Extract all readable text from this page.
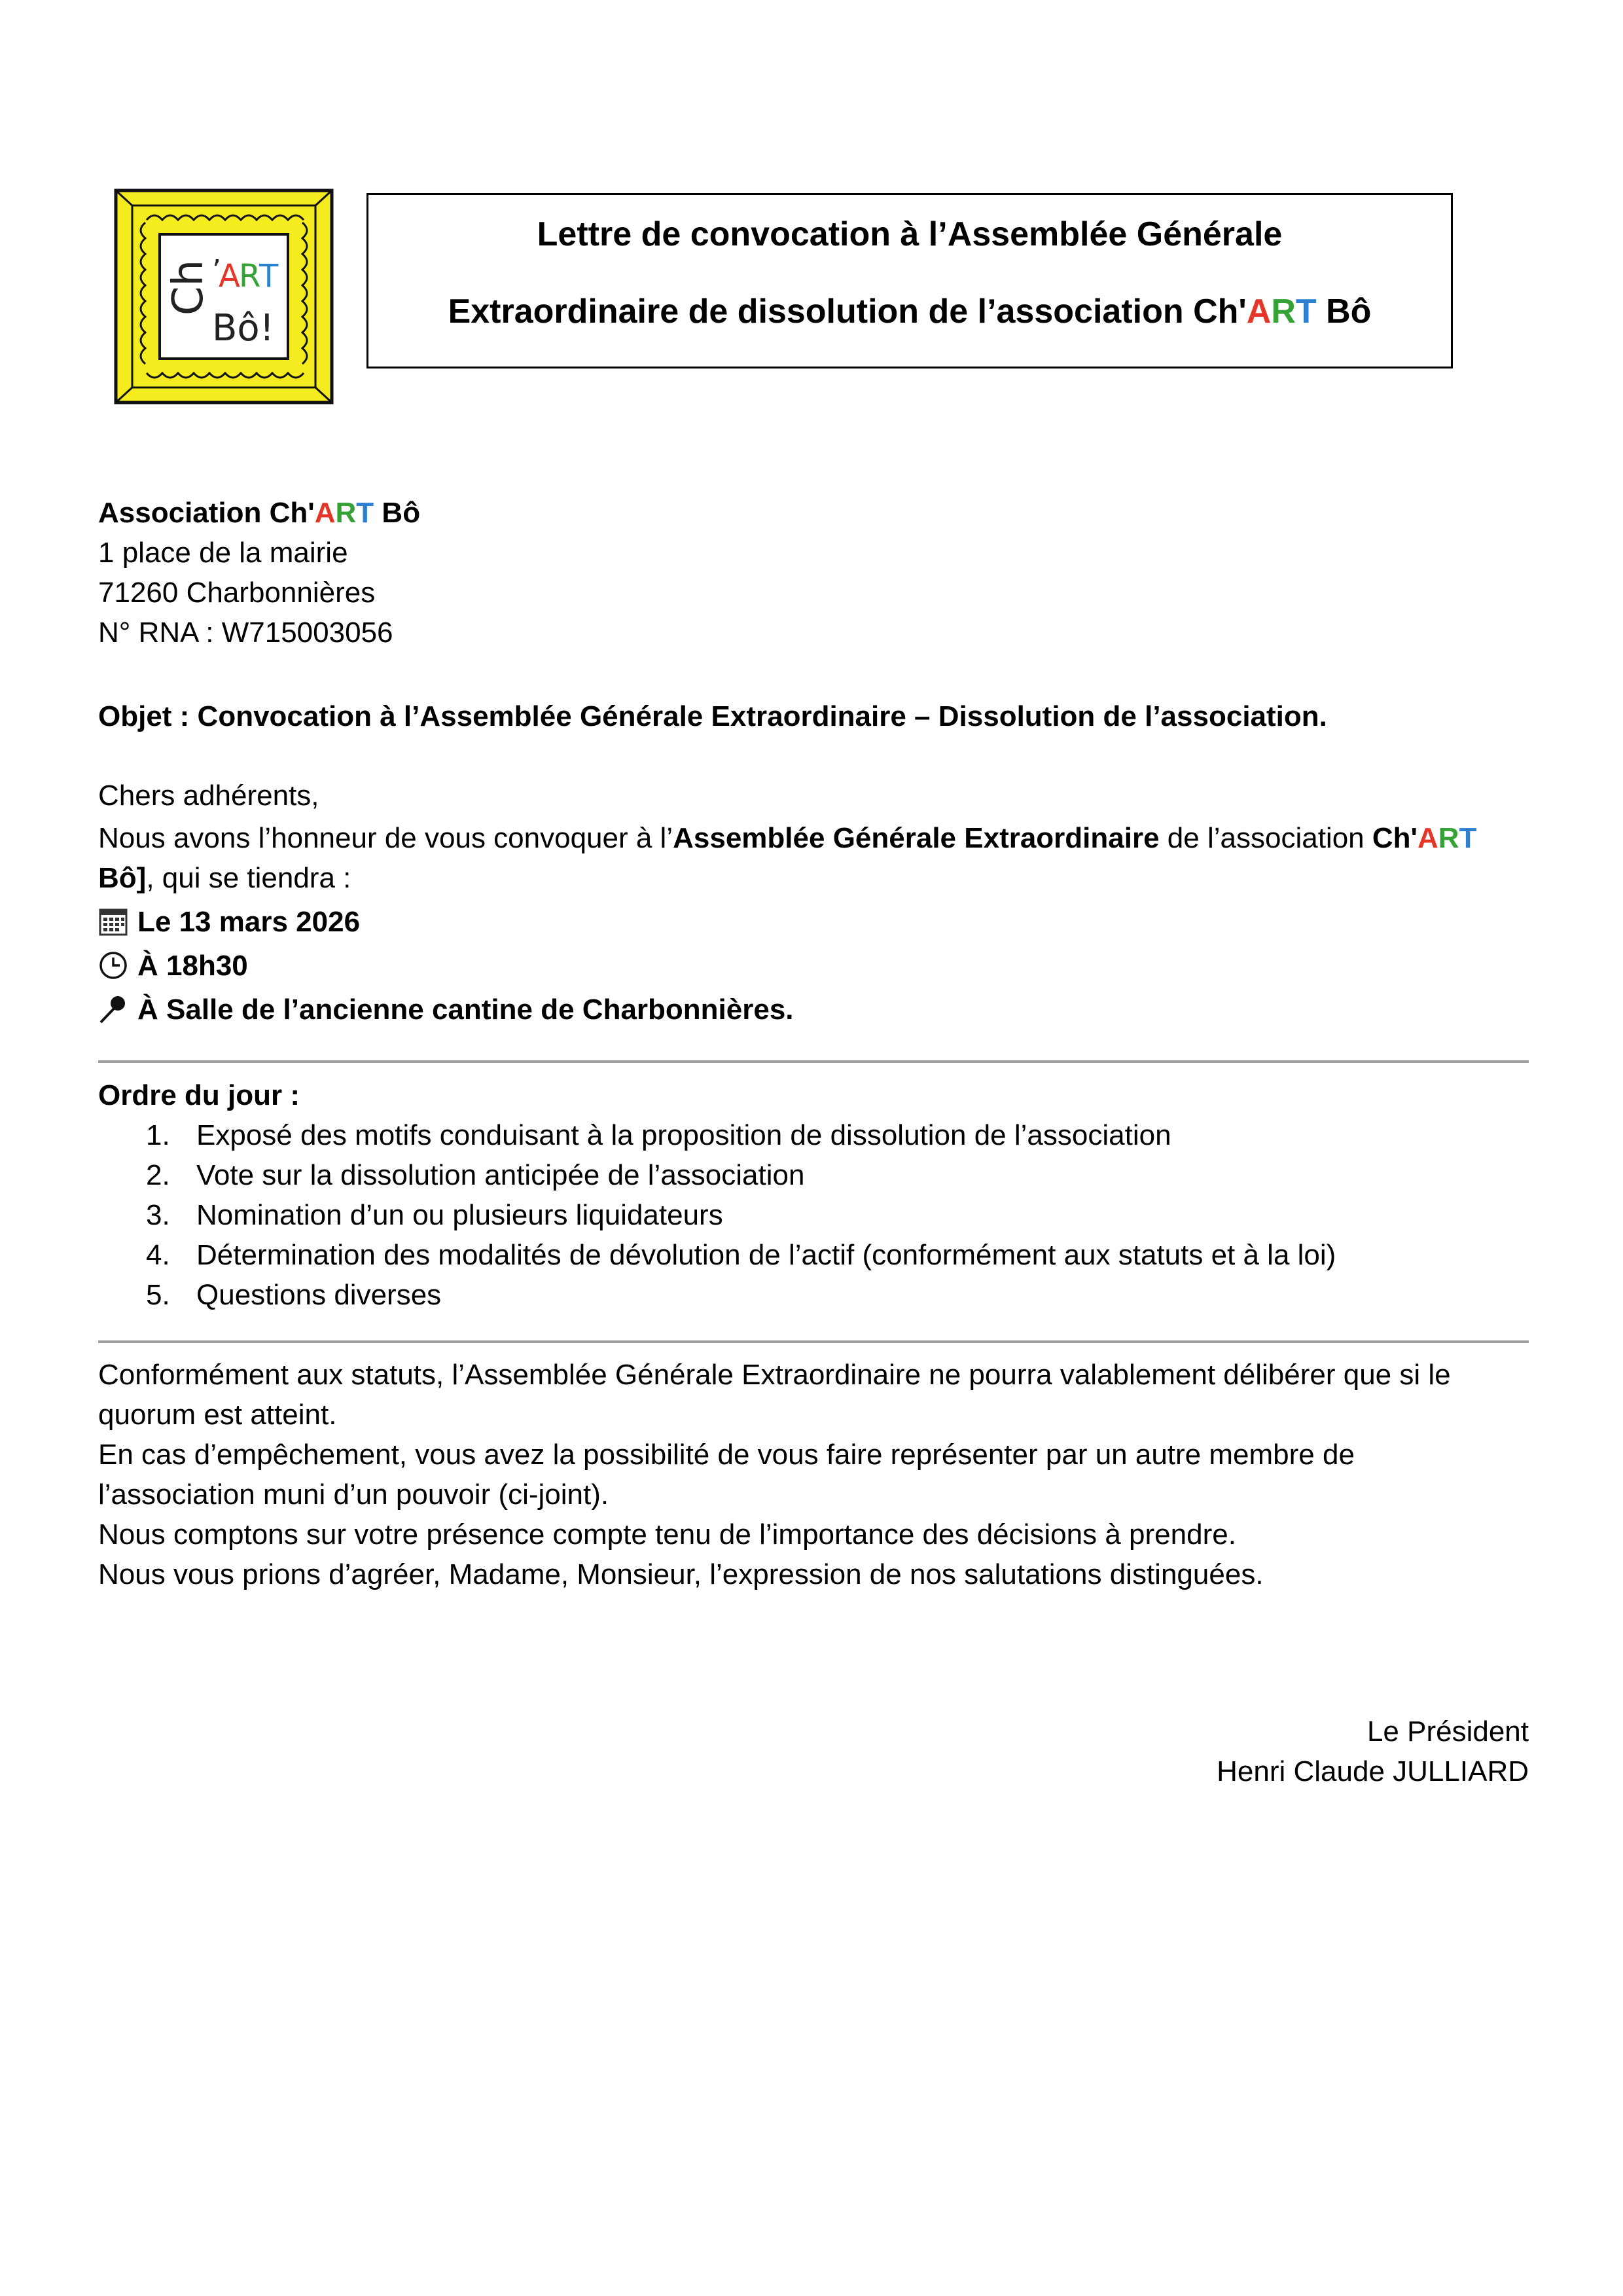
Ch ’
A
R
T
Bô!
Lettre de convocation à l’Assemblée Générale
Extraordinaire de dissolution de l’association Ch'ART Bô
Association Ch'ART Bô
1 place de la mairie
71260 Charbonnières
N° RNA : W715003056
Objet : Convocation à l’Assemblée Générale Extraordinaire – Dissolution de l’association.
Chers adhérents,
Nous avons l’honneur de vous convoquer à l’Assemblée Générale Extraordinaire de l’association Ch'ART
Bô], qui se tiendra :
Le 13 mars 2026
À 18h30
À Salle de l’ancienne cantine de Charbonnières.
Ordre du jour :
1. Exposé des motifs conduisant à la proposition de dissolution de l’association
2. Vote sur la dissolution anticipée de l’association
3. Nomination d’un ou plusieurs liquidateurs
4. Détermination des modalités de dévolution de l’actif (conformément aux statuts et à la loi)
5. Questions diverses
Conformément aux statuts, l’Assemblée Générale Extraordinaire ne pourra valablement délibérer que si le
quorum est atteint.
En cas d’empêchement, vous avez la possibilité de vous faire représenter par un autre membre de
l’association muni d’un pouvoir (ci-joint).
Nous comptons sur votre présence compte tenu de l’importance des décisions à prendre.
Nous vous prions d’agréer, Madame, Monsieur, l’expression de nos salutations distinguées.
Le Président
Henri Claude JULLIARD
